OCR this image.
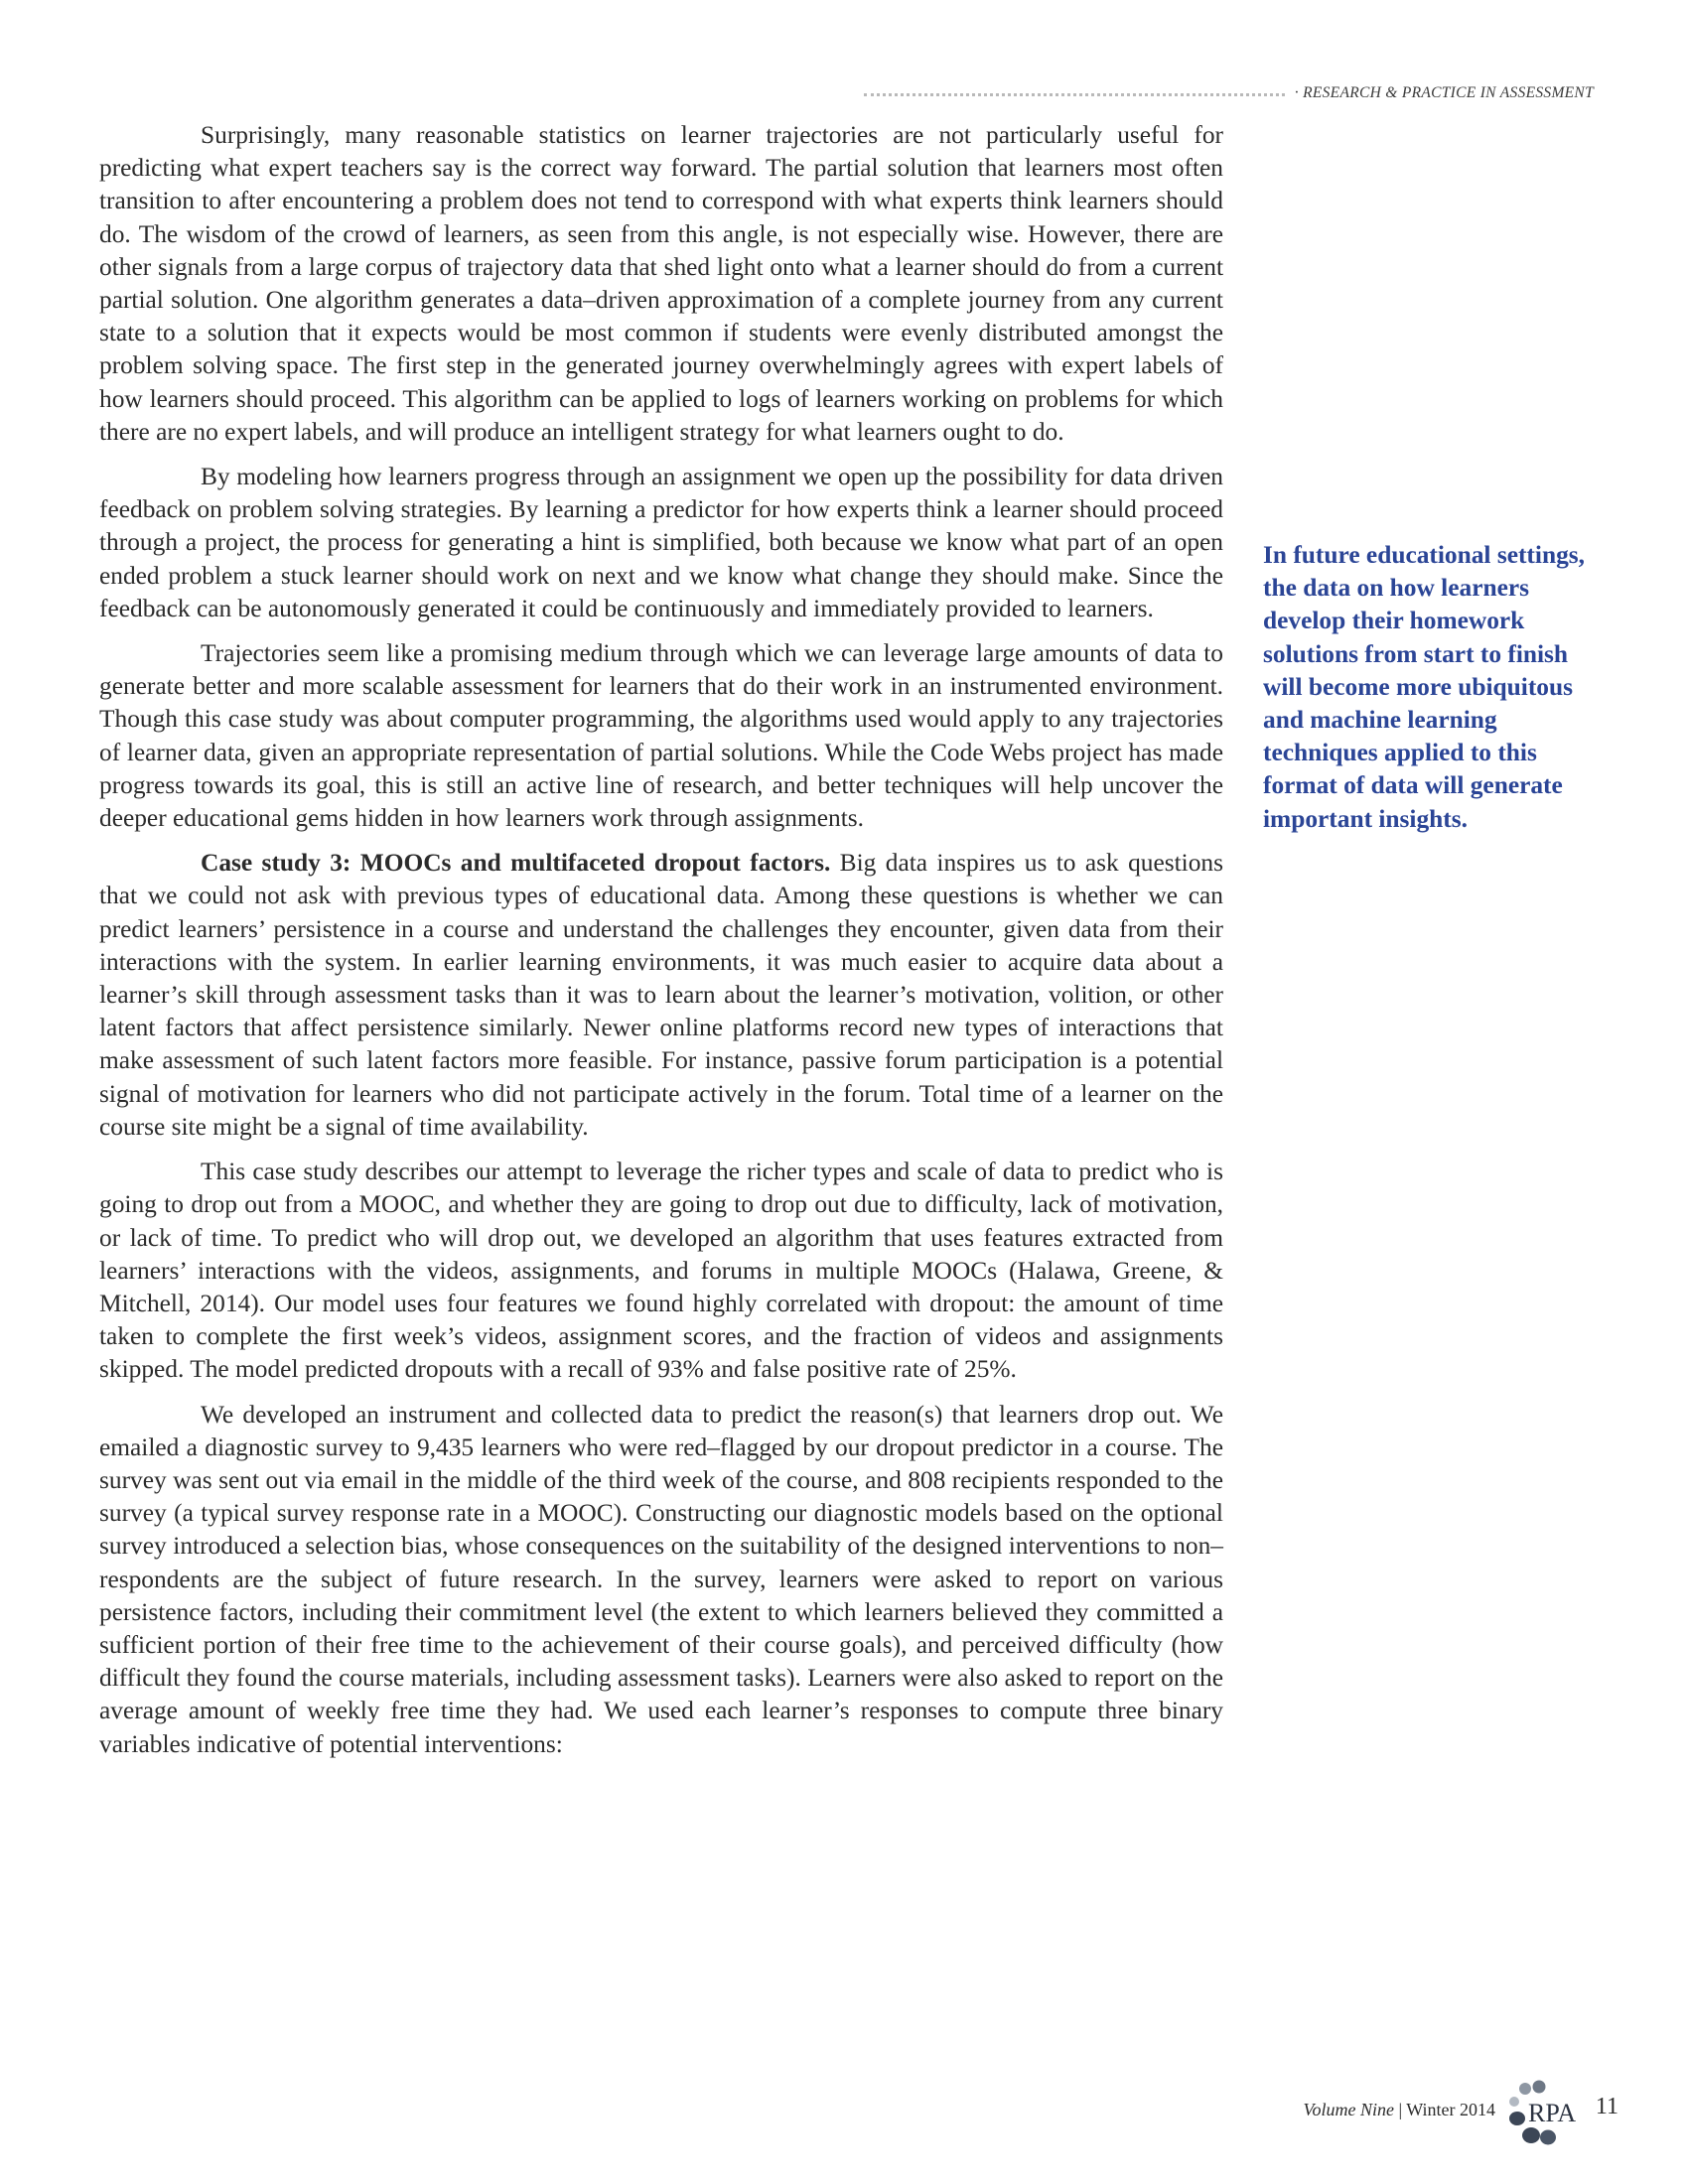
· RESEARCH & PRACTICE IN ASSESSMENT

Surprisingly, many reasonable statistics on learner trajectories are not particularly useful for predicting what expert teachers say is the correct way forward. The partial solution that learners most often transition to after encountering a problem does not tend to correspond with what experts think learners should do. The wisdom of the crowd of learners, as seen from this angle, is not especially wise. However, there are other signals from a large corpus of trajectory data that shed light onto what a learner should do from a current partial solution. One algorithm generates a data–driven approximation of a complete journey from any current state to a solution that it expects would be most common if students were evenly distributed amongst the problem solving space. The first step in the generated journey overwhelmingly agrees with expert labels of how learners should proceed. This algorithm can be applied to logs of learners working on problems for which there are no expert labels, and will produce an intelligent strategy for what learners ought to do.

By modeling how learners progress through an assignment we open up the possibility for data driven feedback on problem solving strategies. By learning a predictor for how experts think a learner should proceed through a project, the process for generating a hint is simplified, both because we know what part of an open ended problem a stuck learner should work on next and we know what change they should make. Since the feedback can be autonomously generated it could be continuously and immediately provided to learners.

Trajectories seem like a promising medium through which we can leverage large amounts of data to generate better and more scalable assessment for learners that do their work in an instrumented environment. Though this case study was about computer programming, the algorithms used would apply to any trajectories of learner data, given an appropriate representation of partial solutions. While the Code Webs project has made progress towards its goal, this is still an active line of research, and better techniques will help uncover the deeper educational gems hidden in how learners work through assignments.

Case study 3: MOOCs and multifaceted dropout factors. Big data inspires us to ask questions that we could not ask with previous types of educational data. Among these questions is whether we can predict learners’ persistence in a course and understand the challenges they encounter, given data from their interactions with the system. In earlier learning environments, it was much easier to acquire data about a learner’s skill through assessment tasks than it was to learn about the learner’s motivation, volition, or other latent factors that affect persistence similarly. Newer online platforms record new types of interactions that make assessment of such latent factors more feasible. For instance, passive forum participation is a potential signal of motivation for learners who did not participate actively in the forum. Total time of a learner on the course site might be a signal of time availability.

This case study describes our attempt to leverage the richer types and scale of data to predict who is going to drop out from a MOOC, and whether they are going to drop out due to difficulty, lack of motivation, or lack of time. To predict who will drop out, we developed an algorithm that uses features extracted from learners’ interactions with the videos, assignments, and forums in multiple MOOCs (Halawa, Greene, & Mitchell, 2014). Our model uses four features we found highly correlated with dropout: the amount of time taken to complete the first week’s videos, assignment scores, and the fraction of videos and assignments skipped. The model predicted dropouts with a recall of 93% and false positive rate of 25%.

We developed an instrument and collected data to predict the reason(s) that learners drop out. We emailed a diagnostic survey to 9,435 learners who were red–flagged by our dropout predictor in a course. The survey was sent out via email in the middle of the third week of the course, and 808 recipients responded to the survey (a typical survey response rate in a MOOC). Constructing our diagnostic models based on the optional survey introduced a selection bias, whose consequences on the suitability of the designed interventions to non–respondents are the subject of future research. In the survey, learners were asked to report on various persistence factors, including their commitment level (the extent to which learners believed they committed a sufficient portion of their free time to the achievement of their course goals), and perceived difficulty (how difficult they found the course materials, including assessment tasks). Learners were also asked to report on the average amount of weekly free time they had. We used each learner’s responses to compute three binary variables indicative of potential interventions:

In future educational settings, the data on how learners develop their homework solutions from start to finish will become more ubiquitous and machine learning techniques applied to this format of data will generate important insights.
Volume Nine | Winter 2014 RPA 11
